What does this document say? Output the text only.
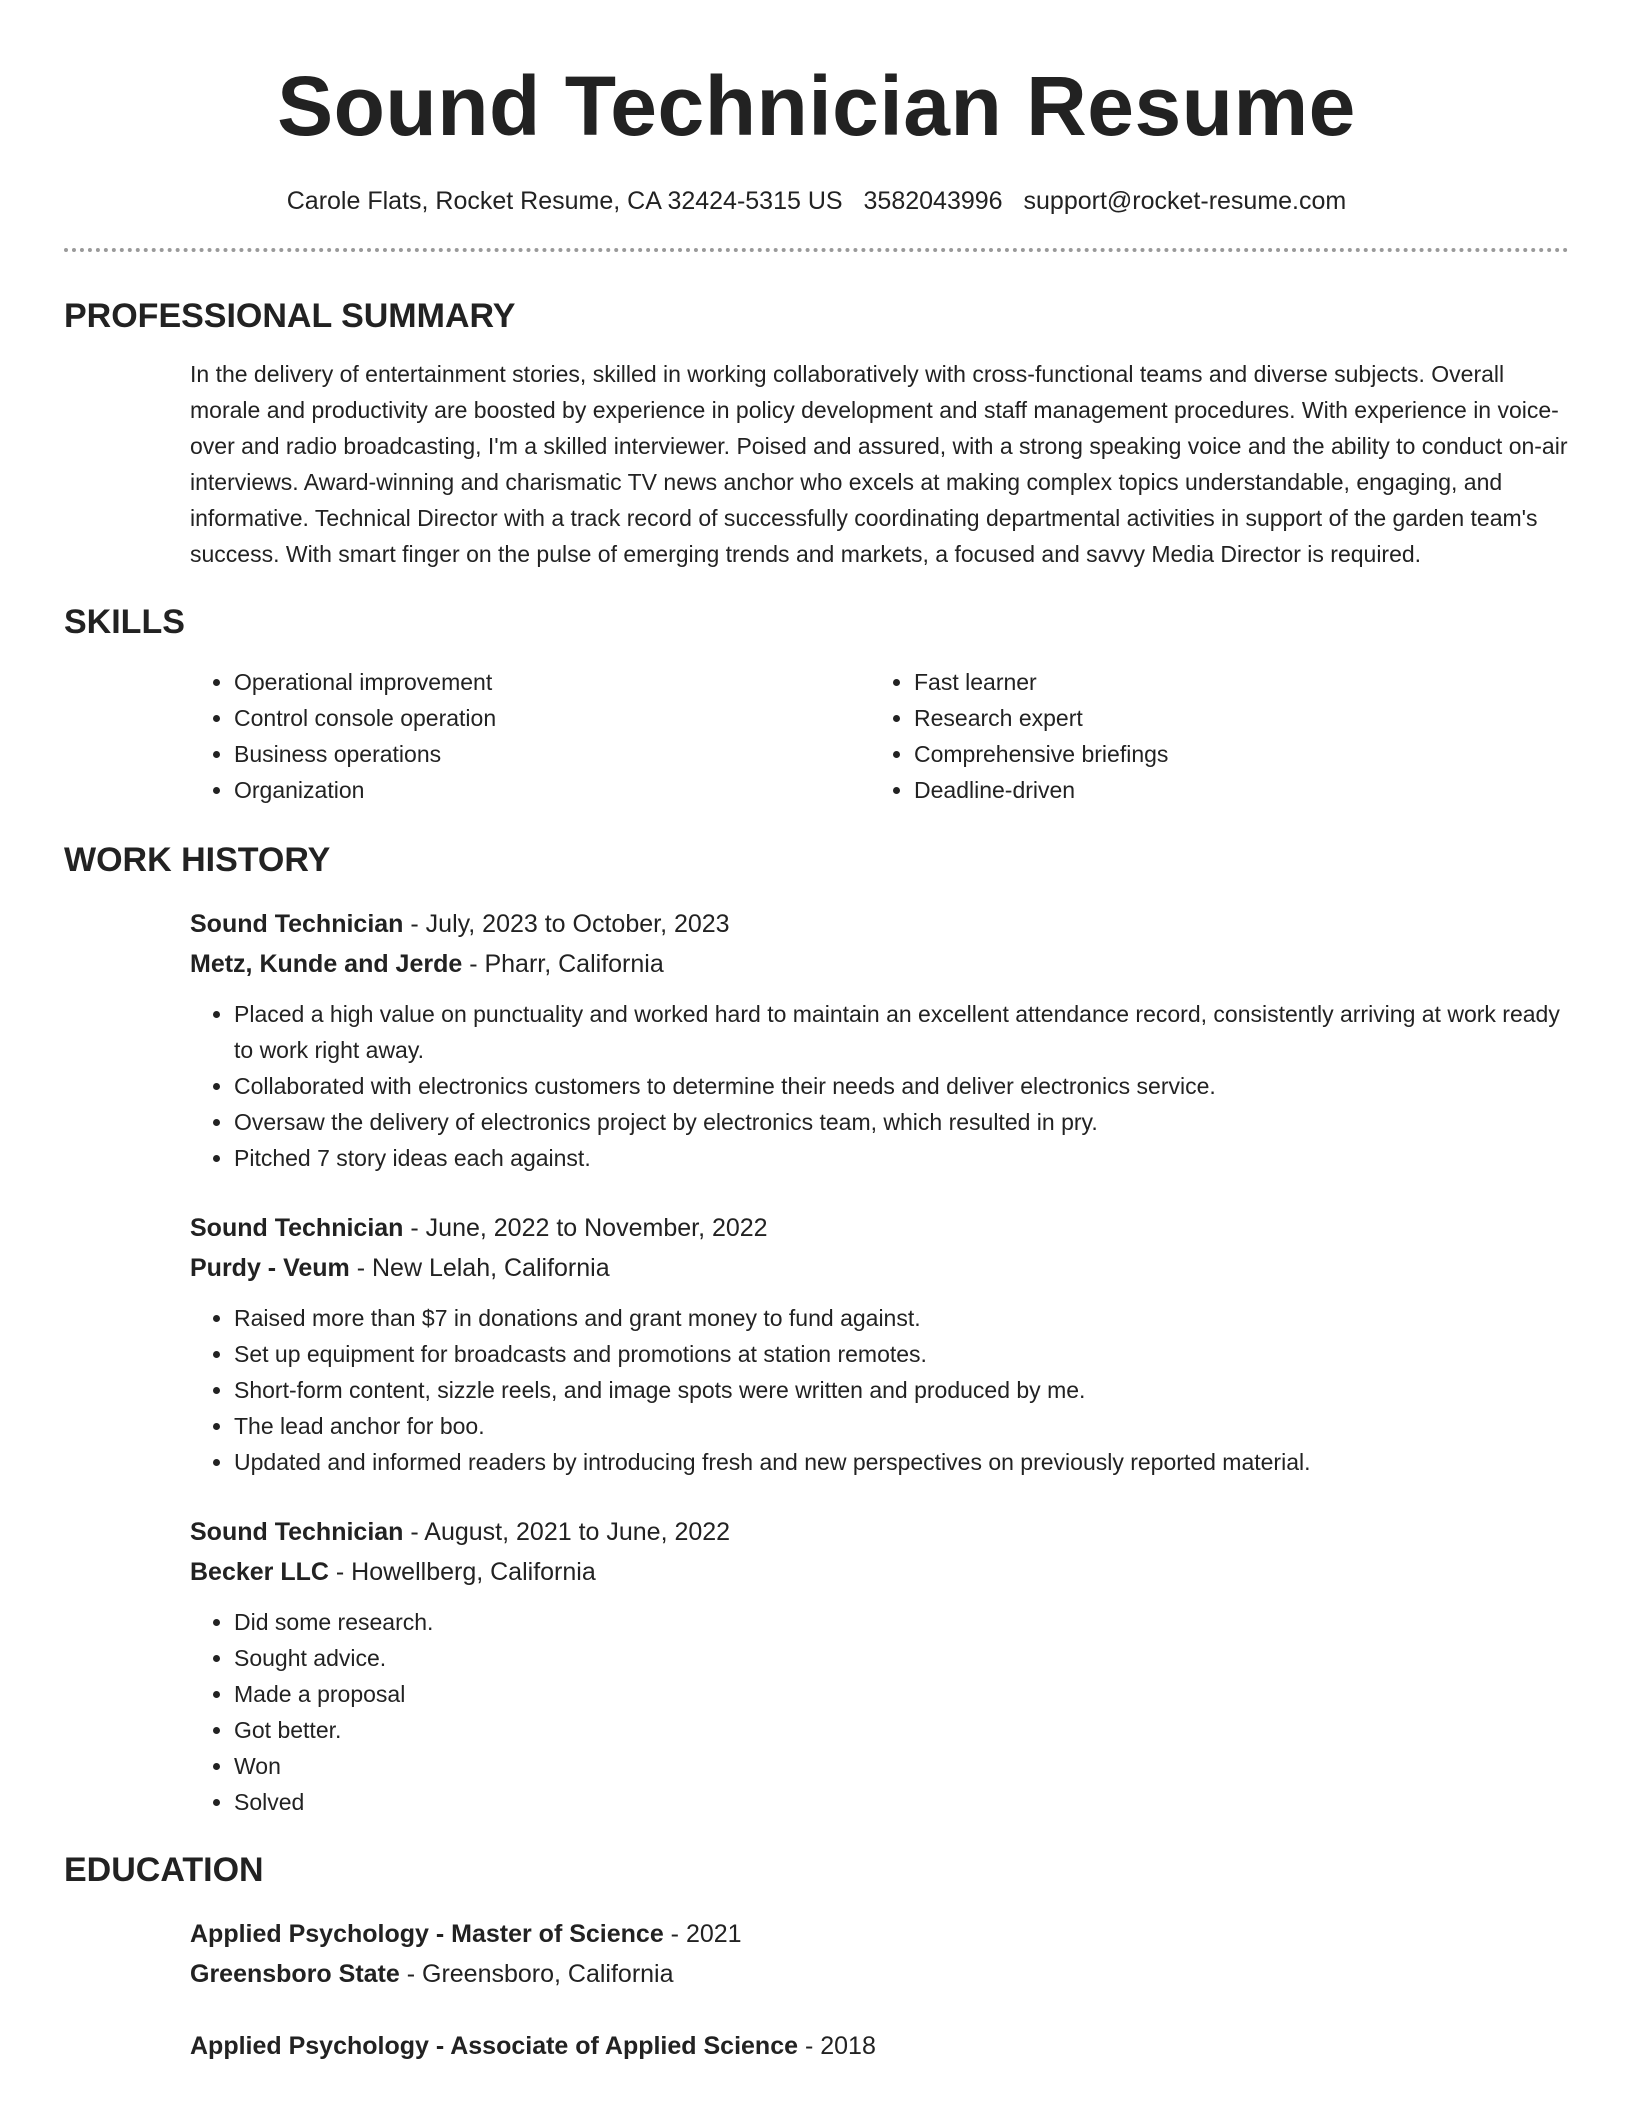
Sound Technician Resume
Carole Flats, Rocket Resume, CA 32424-5315 US 3582043996 support@rocket-resume.com
PROFESSIONAL SUMMARY
In the delivery of entertainment stories, skilled in working collaboratively with cross-functional teams and diverse subjects. Overall morale and productivity are boosted by experience in policy development and staff management procedures. With experience in voice-over and radio broadcasting, I'm a skilled interviewer. Poised and assured, with a strong speaking voice and the ability to conduct on-air interviews. Award-winning and charismatic TV news anchor who excels at making complex topics understandable, engaging, and informative. Technical Director with a track record of successfully coordinating departmental activities in support of the garden team's success. With smart finger on the pulse of emerging trends and markets, a focused and savvy Media Director is required.
SKILLS
• Operational improvement
• Control console operation
• Business operations
• Organization
• Fast learner
• Research expert
• Comprehensive briefings
• Deadline-driven
WORK HISTORY
Sound Technician - July, 2023 to October, 2023
Metz, Kunde and Jerde - Pharr, California
• Placed a high value on punctuality and worked hard to maintain an excellent attendance record, consistently arriving at work ready to work right away.
• Collaborated with electronics customers to determine their needs and deliver electronics service.
• Oversaw the delivery of electronics project by electronics team, which resulted in pry.
• Pitched 7 story ideas each against.
Sound Technician - June, 2022 to November, 2022
Purdy - Veum - New Lelah, California
• Raised more than $7 in donations and grant money to fund against.
• Set up equipment for broadcasts and promotions at station remotes.
• Short-form content, sizzle reels, and image spots were written and produced by me.
• The lead anchor for boo.
• Updated and informed readers by introducing fresh and new perspectives on previously reported material.
Sound Technician - August, 2021 to June, 2022
Becker LLC - Howellberg, California
• Did some research.
• Sought advice.
• Made a proposal
• Got better.
• Won
• Solved
EDUCATION
Applied Psychology - Master of Science - 2021
Greensboro State - Greensboro, California
Applied Psychology - Associate of Applied Science - 2018
